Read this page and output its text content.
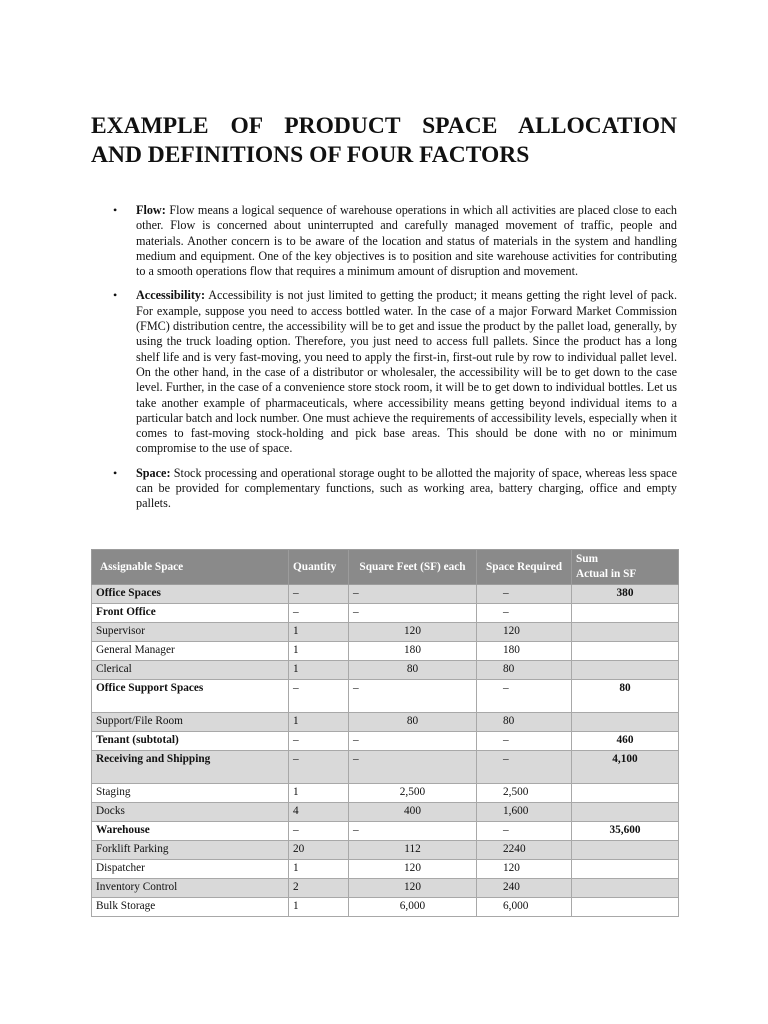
EXAMPLE OF PRODUCT SPACE ALLOCATION
AND DEFINITIONS OF FOUR FACTORS
• Flow: Flow means a logical sequence of warehouse operations in which all activities are placed close to each other. Flow is concerned about uninterrupted and carefully managed movement of traffic, people and materials. Another concern is to be aware of the location and status of materials in the system and handling medium and equipment. One of the key objectives is to position and site warehouse activities for contributing to a smooth operations flow that requires a minimum amount of disruption and movement.
• Accessibility: Accessibility is not just limited to getting the product; it means getting the right level of pack. For example, suppose you need to access bottled water. In the case of a major Forward Market Commission (FMC) distribution centre, the accessibility will be to get and issue the product by the pallet load, generally, by using the truck loading option. Therefore, you just need to access full pallets. Since the product has a long shelf life and is very fast-moving, you need to apply the first-in, first-out rule by row to individual pallet level. On the other hand, in the case of a distributor or wholesaler, the accessibility will be to get down to the case level. Further, in the case of a convenience store stock room, it will be to get down to individual bottles. Let us take another example of pharmaceuticals, where accessibility means getting beyond individual items to a particular batch and lock number. One must achieve the requirements of accessibility levels, especially when it comes to fast-moving stock-holding and pick base areas. This should be done with no or minimum compromise to the use of space.
• Space: Stock processing and operational storage ought to be allotted the majority of space, whereas less space can be provided for complementary functions, such as working area, battery charging, office and empty pallets.
Assignable Space	Quantity	Square Feet (SF) each	Space Required	Sum
Actual in SF
Office Spaces	–	–	–	380
Front Office	–	–	–	
Supervisor	1	120	120	
General Manager	1	180	180	
Clerical	1	80	80	
Office Support Spaces	–	–	–	80
Support/File Room	1	80	80	
Tenant (subtotal)	–	–	–	460
Receiving and Shipping	–	–	–	4,100
Staging	1	2,500	2,500	
Docks	4	400	1,600	
Warehouse	–	–	–	35,600
Forklift Parking	20	112	2240	
Dispatcher	1	120	120	
Inventory Control	2	120	240	
Bulk Storage	1	6,000	6,000	
